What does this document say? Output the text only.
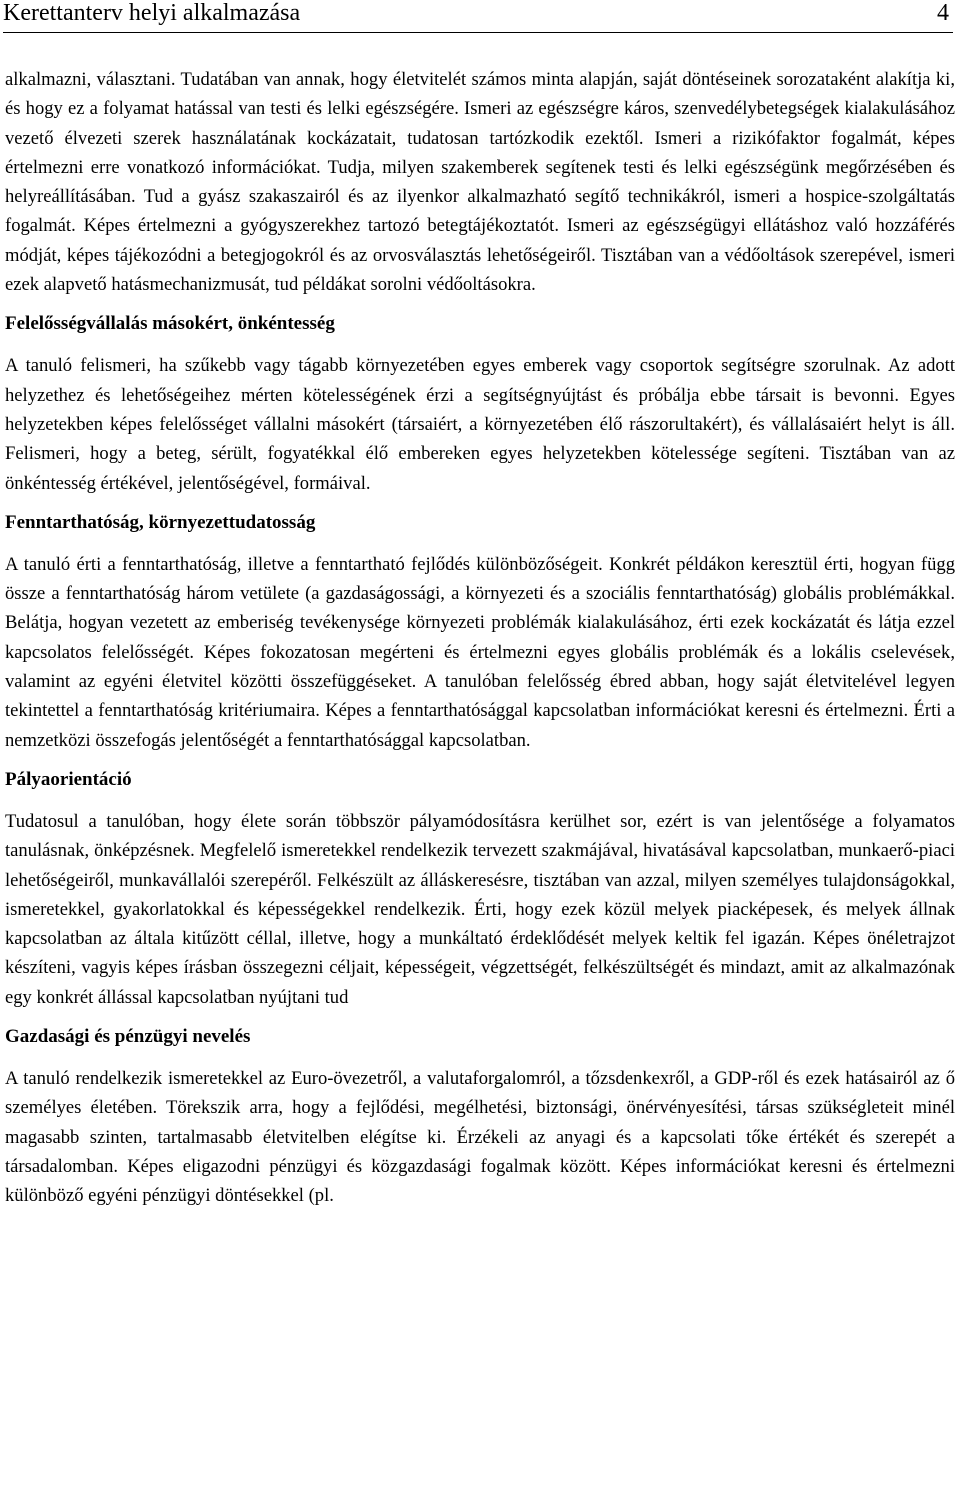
Kerettanterv helyi alkalmazása	4

alkalmazni, választani. Tudatában van annak, hogy életvitelét számos minta alapján, saját döntéseinek sorozataként alakítja ki, és hogy ez a folyamat hatással van testi és lelki egészségére. Ismeri az egészségre káros, szenvedélybetegségek kialakulásához vezető élvezeti szerek használatának kockázatait, tudatosan tartózkodik ezektől. Ismeri a rizikófaktor fogalmát, képes értelmezni erre vonatkozó információkat. Tudja, milyen szakemberek segítenek testi és lelki egészségünk megőrzésében és helyreállításában. Tud a gyász szakaszairól és az ilyenkor alkalmazható segítő technikákról, ismeri a hospice-szolgáltatás fogalmát. Képes értelmezni a gyógyszerekhez tartozó betegtájékoztatót. Ismeri az egészségügyi ellátáshoz való hozzáférés módját, képes tájékozódni a betegjogokról és az orvosválasztás lehetőségeiről. Tisztában van a védőoltások szerepével, ismeri ezek alapvető hatásmechanizmusát, tud példákat sorolni védőoltásokra.

Felelősségvállalás másokért, önkéntesség

A tanuló felismeri, ha szűkebb vagy tágabb környezetében egyes emberek vagy csoportok segítségre szorulnak. Az adott helyzethez és lehetőségeihez mérten kötelességének érzi a segítségnyújtást és próbálja ebbe társait is bevonni. Egyes helyzetekben képes felelősséget vállalni másokért (társaiért, a környezetében élő rászorultakért), és vállalásaiért helyt is áll. Felismeri, hogy a beteg, sérült, fogyatékkal élő embereken egyes helyzetekben kötelessége segíteni. Tisztában van az önkéntesség értékével, jelentőségével, formáival.

Fenntarthatóság, környezettudatosság

A tanuló érti a fenntarthatóság, illetve a fenntartható fejlődés különbözőségeit. Konkrét példákon keresztül érti, hogyan függ össze a fenntarthatóság három vetülete (a gazdaságossági, a környezeti és a szociális fenntarthatóság) globális problémákkal. Belátja, hogyan vezetett az emberiség tevékenysége környezeti problémák kialakulásához, érti ezek kockázatát és látja ezzel kapcsolatos felelősségét. Képes fokozatosan megérteni és értelmezni egyes globális problémák és a lokális cselevések, valamint az egyéni életvitel közötti összefüggéseket. A tanulóban felelősség ébred abban, hogy saját életvitelével legyen tekintettel a fenntarthatóság kritériumaira. Képes a fenntarthatósággal kapcsolatban információkat keresni és értelmezni. Érti a nemzetközi összefogás jelentőségét a fenntarthatósággal kapcsolatban.

Pályaorientáció

Tudatosul a tanulóban, hogy élete során többször pályamódosításra kerülhet sor, ezért is van jelentősége a folyamatos tanulásnak, önképzésnek. Megfelelő ismeretekkel rendelkezik tervezett szakmájával, hivatásával kapcsolatban, munkaerő-piaci lehetőségeiről, munkavállalói szerepéről. Felkészült az álláskeresésre, tisztában van azzal, milyen személyes tulajdonságokkal, ismeretekkel, gyakorlatokkal és képességekkel rendelkezik. Érti, hogy ezek közül melyek piacképesek, és melyek állnak kapcsolatban az általa kitűzött céllal, illetve, hogy a munkáltató érdeklődését melyek keltik fel igazán. Képes önéletrajzot készíteni, vagyis képes írásban összegezni céljait, képességeit, végzettségét, felkészültségét és mindazt, amit az alkalmazónak egy konkrét állással kapcsolatban nyújtani tud

Gazdasági és pénzügyi nevelés

A tanuló rendelkezik ismeretekkel az Euro-övezetről, a valutaforgalomról, a tőzsdenkexről, a GDP-ről és ezek hatásairól az ő személyes életében. Törekszik arra, hogy a fejlődési, megélhetési, biztonsági, önérvényesítési, társas szükségleteit minél magasabb szinten, tartalmasabb életvitelben elégítse ki. Érzékeli az anyagi és a kapcsolati tőke értékét és szerepét a társadalomban. Képes eligazodni pénzügyi és közgazdasági fogalmak között. Képes információkat keresni és értelmezni különböző egyéni pénzügyi döntésekkel (pl.
